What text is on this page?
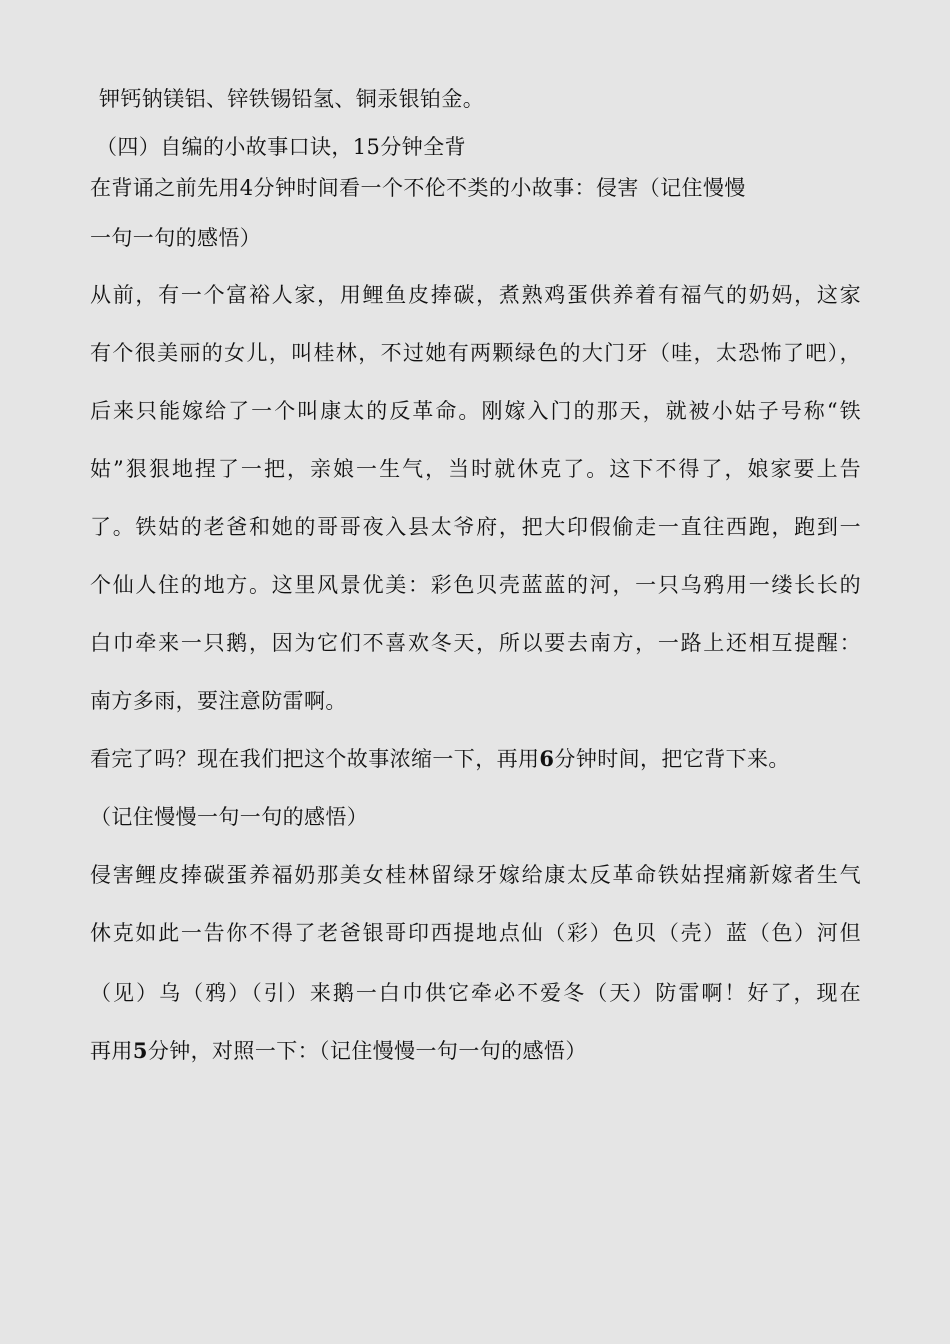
钾钙钠镁铝、锌铁锡铅氢、铜汞银铂金。
（四）自编的小故事口诀，15分钟全背
在背诵之前先用4分钟时间看一个不伦不类的小故事：侵害（记住慢慢
一句一句的感悟）
从前，有一个富裕人家，用鲤鱼皮捧碳，煮熟鸡蛋供养着有福气的奶妈，这家
有个很美丽的女儿，叫桂林，不过她有两颗绿色的大门牙（哇，太恐怖了吧），
后来只能嫁给了一个叫康太的反革命。刚嫁入门的那天，就被小姑子号称“铁
姑”狠狠地捏了一把，亲娘一生气，当时就休克了。这下不得了，娘家要上告
了。铁姑的老爸和她的哥哥夜入县太爷府，把大印假偷走一直往西跑，跑到一
个仙人住的地方。这里风景优美：彩色贝壳蓝蓝的河，一只乌鸦用一缕长长的
白巾牵来一只鹅，因为它们不喜欢冬天，所以要去南方，一路上还相互提醒：
南方多雨，要注意防雷啊。
看完了吗？现在我们把这个故事浓缩一下，再用6分钟时间，把它背下来。
（记住慢慢一句一句的感悟）
侵害鲤皮捧碳蛋养福奶那美女桂林留绿牙嫁给康太反革命铁姑捏痛新嫁者生气
休克如此一告你不得了老爸银哥印西提地点仙（彩）色贝（壳）蓝（色）河但
（见）乌（鸦）（引）来鹅一白巾供它牵必不爱冬（天）防雷啊！好了，现在
再用5分钟，对照一下：（记住慢慢一句一句的感悟）
